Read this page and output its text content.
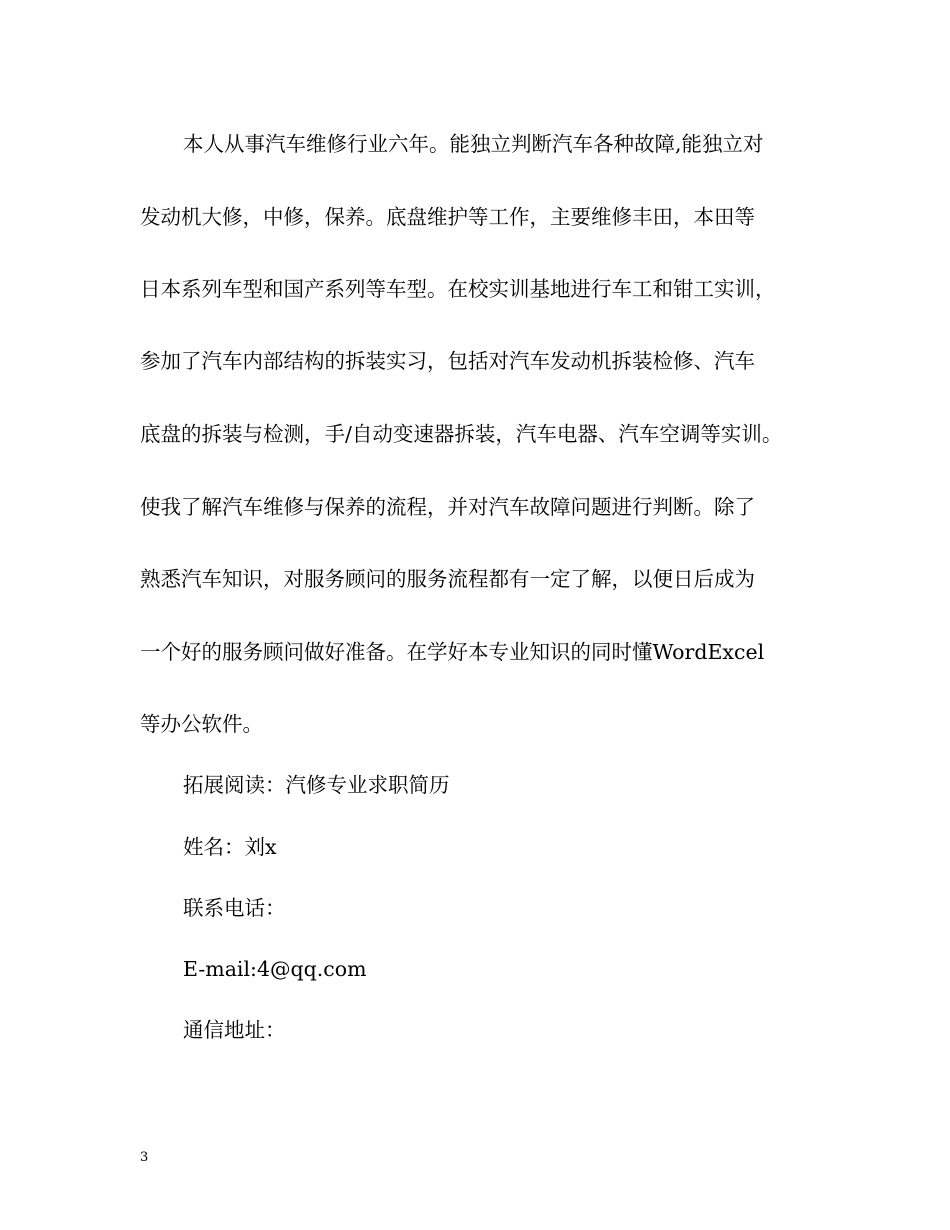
本人从事汽车维修行业六年。能独立判断汽车各种故障,能独立对
发动机大修，中修，保养。底盘维护等工作，主要维修丰田，本田等
日本系列车型和国产系列等车型。在校实训基地进行车工和钳工实训，
参加了汽车内部结构的拆装实习，包括对汽车发动机拆装检修、汽车
底盘的拆装与检测，手/自动变速器拆装，汽车电器、汽车空调等实训。
使我了解汽车维修与保养的流程，并对汽车故障问题进行判断。除了
熟悉汽车知识，对服务顾问的服务流程都有一定了解，以便日后成为
一个好的服务顾问做好准备。在学好本专业知识的同时懂WordExcel
等办公软件。
拓展阅读：汽修专业求职简历
姓名：刘x
联系电话：
E-mail:4@qq.com
通信地址：
3
